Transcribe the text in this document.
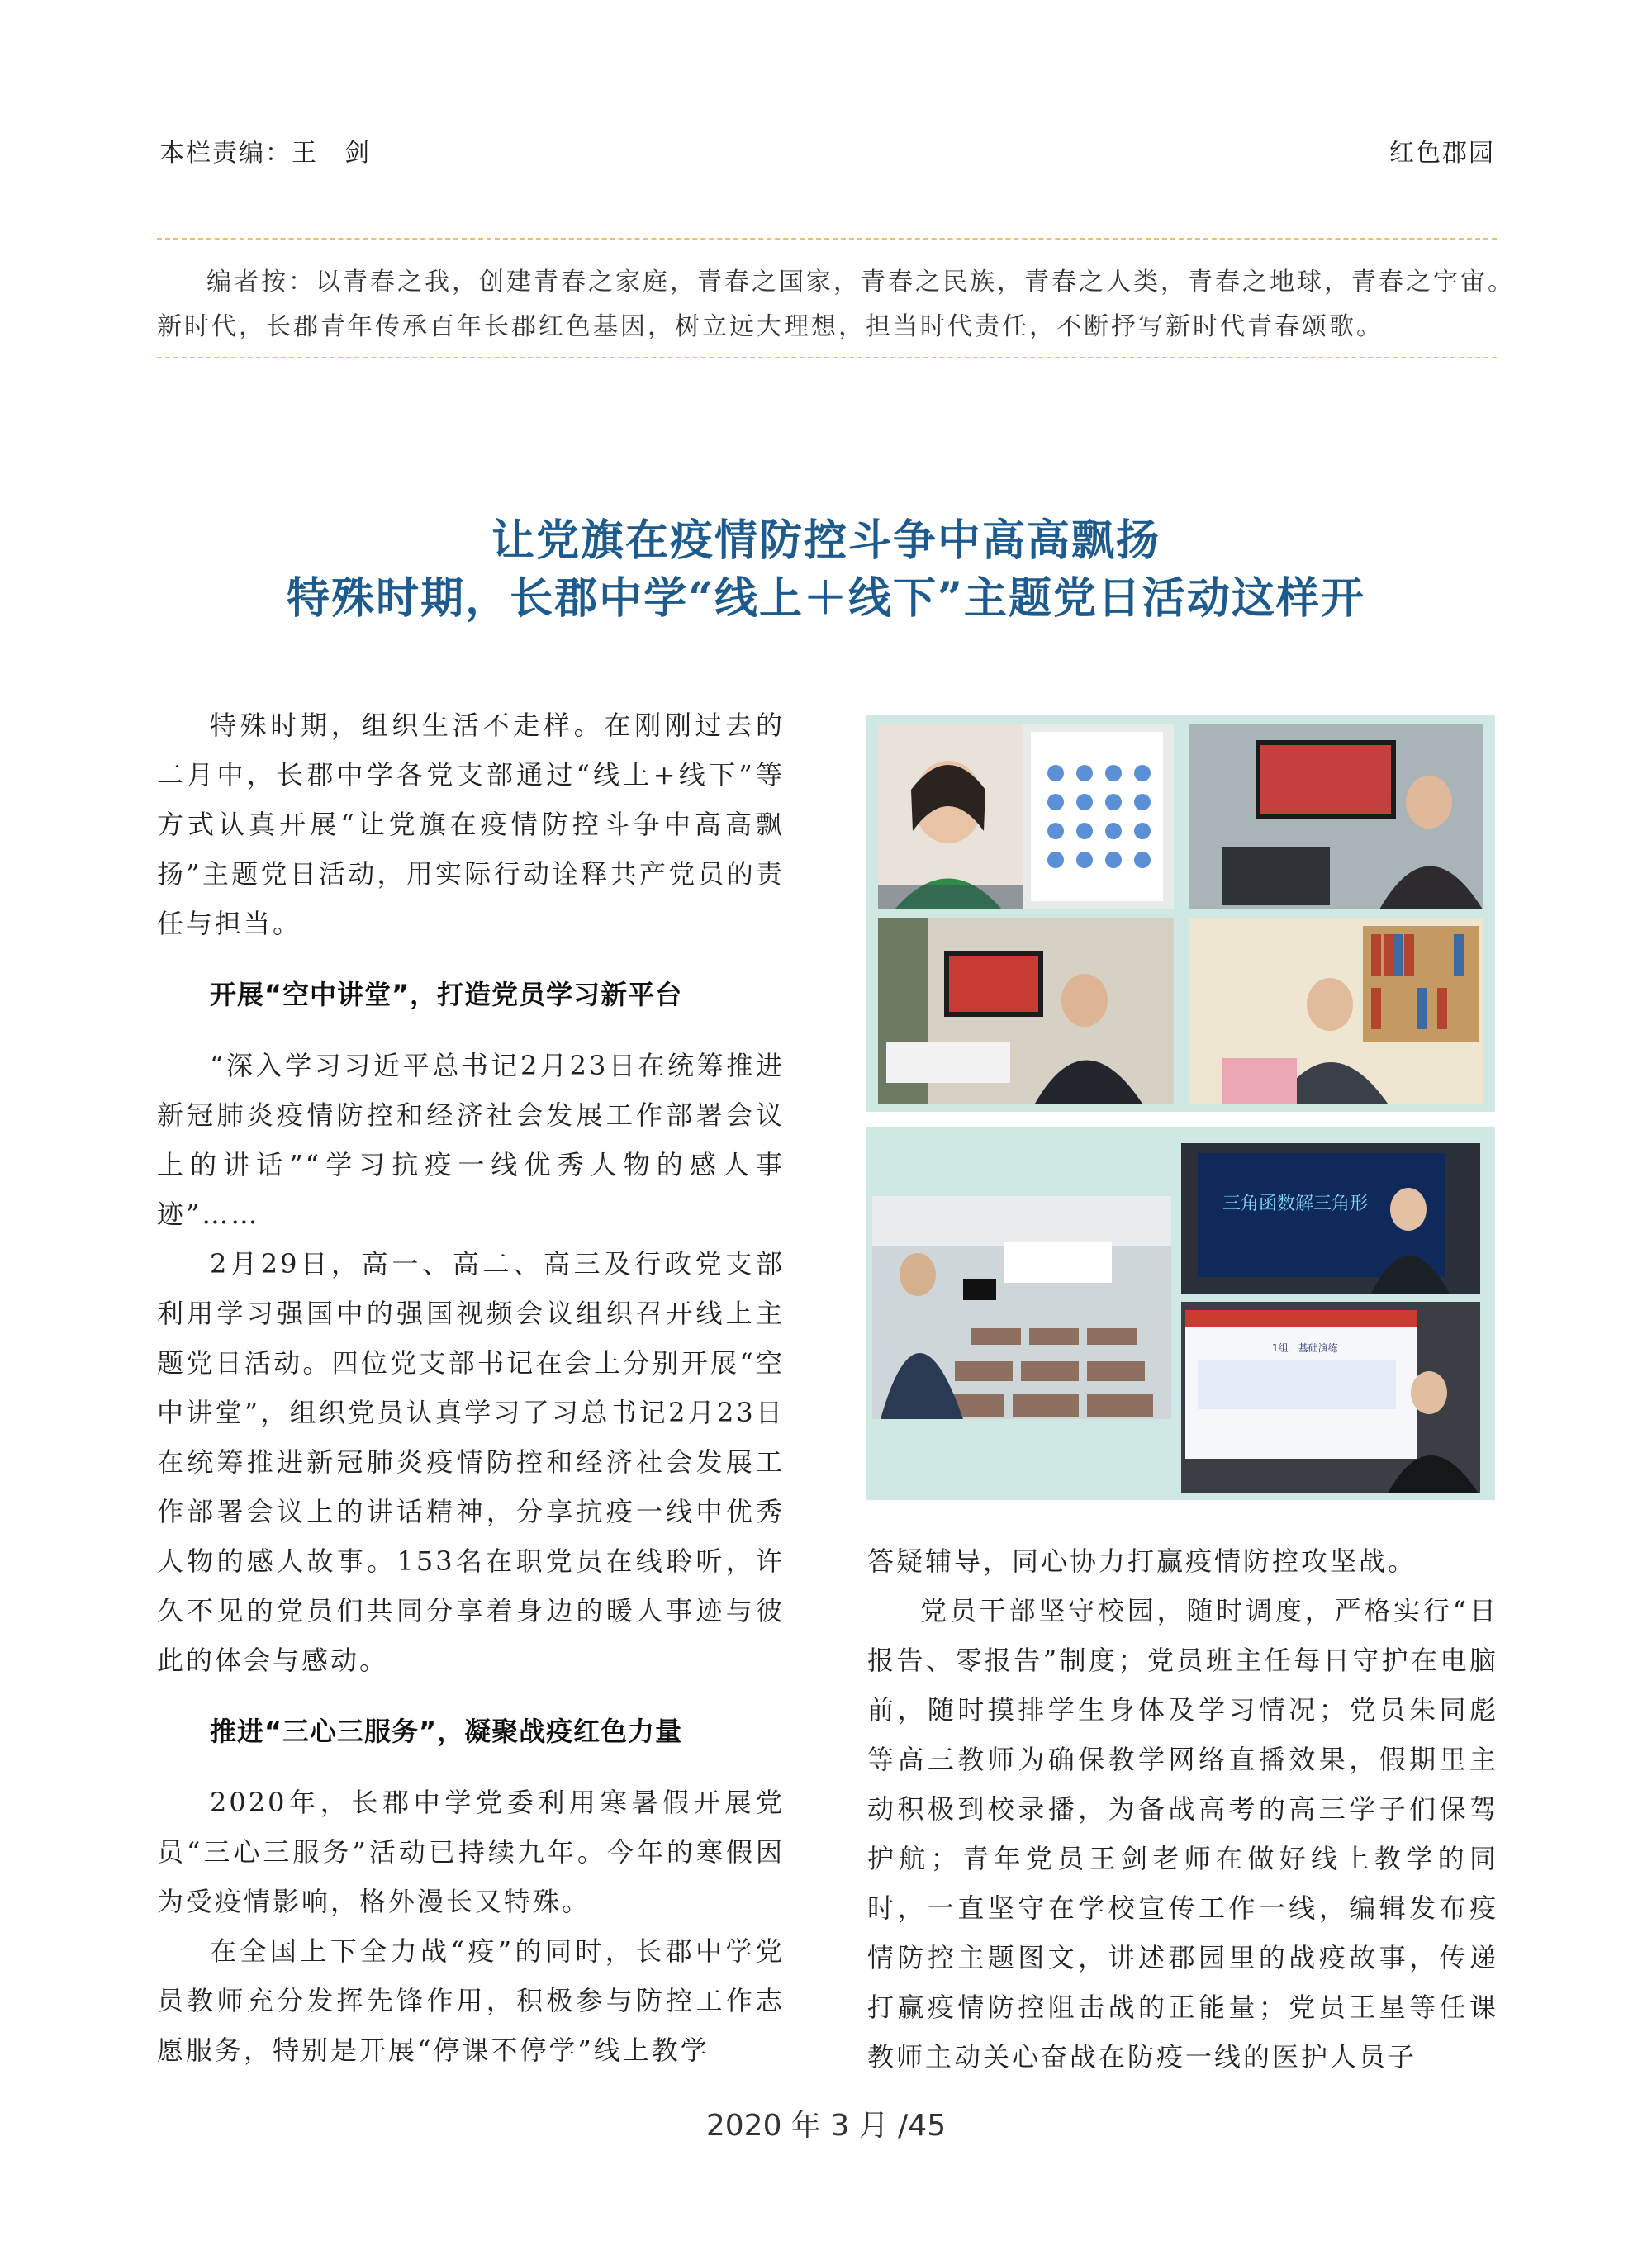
本栏责编：王　剑	红色郡园
编者按：以青春之我，创建青春之家庭，青春之国家，青春之民族，青春之人类，青春之地球，青春之宇宙。
新时代，长郡青年传承百年长郡红色基因，树立远大理想，担当时代责任，不断抒写新时代青春颂歌。
让党旗在疫情防控斗争中高高飘扬
特殊时期，长郡中学“线上＋线下”主题党日活动这样开

特殊时期，组织生活不走样。在刚刚过去的二月中，长郡中学各党支部通过“线上+线下”等方式认真开展“让党旗在疫情防控斗争中高高飘扬”主题党日活动，用实际行动诠释共产党员的责任与担当。

开展“空中讲堂”，打造党员学习新平台

“深入学习习近平总书记2月23日在统筹推进新冠肺炎疫情防控和经济社会发展工作部署会议上的讲话”“学习抗疫一线优秀人物的感人事迹”……

2月29日，高一、高二、高三及行政党支部利用学习强国中的强国视频会议组织召开线上主题党日活动。四位党支部书记在会上分别开展“空中讲堂”，组织党员认真学习了习总书记2月23日在统筹推进新冠肺炎疫情防控和经济社会发展工作部署会议上的讲话精神，分享抗疫一线中优秀人物的感人故事。153名在职党员在线聆听，许久不见的党员们共同分享着身边的暖人事迹与彼此的体会与感动。

推进“三心三服务”，凝聚战疫红色力量

2020年，长郡中学党委利用寒暑假开展党员“三心三服务”活动已持续九年。今年的寒假因为受疫情影响，格外漫长又特殊。

在全国上下全力战“疫”的同时，长郡中学党员教师充分发挥先锋作用，积极参与防控工作志愿服务，特别是开展“停课不停学”线上教学

三角函数解三角形
1组　基础演练

答疑辅导，同心协力打赢疫情防控攻坚战。

党员干部坚守校园，随时调度，严格实行“日报告、零报告”制度；党员班主任每日守护在电脑前，随时摸排学生身体及学习情况；党员朱同彪等高三教师为确保教学网络直播效果，假期里主动积极到校录播，为备战高考的高三学子们保驾护航；青年党员王剑老师在做好线上教学的同时，一直坚守在学校宣传工作一线，编辑发布疫情防控主题图文，讲述郡园里的战疫故事，传递打赢疫情防控阻击战的正能量；党员王星等任课教师主动关心奋战在防疫一线的医护人员子

2020 年 3 月 /45
